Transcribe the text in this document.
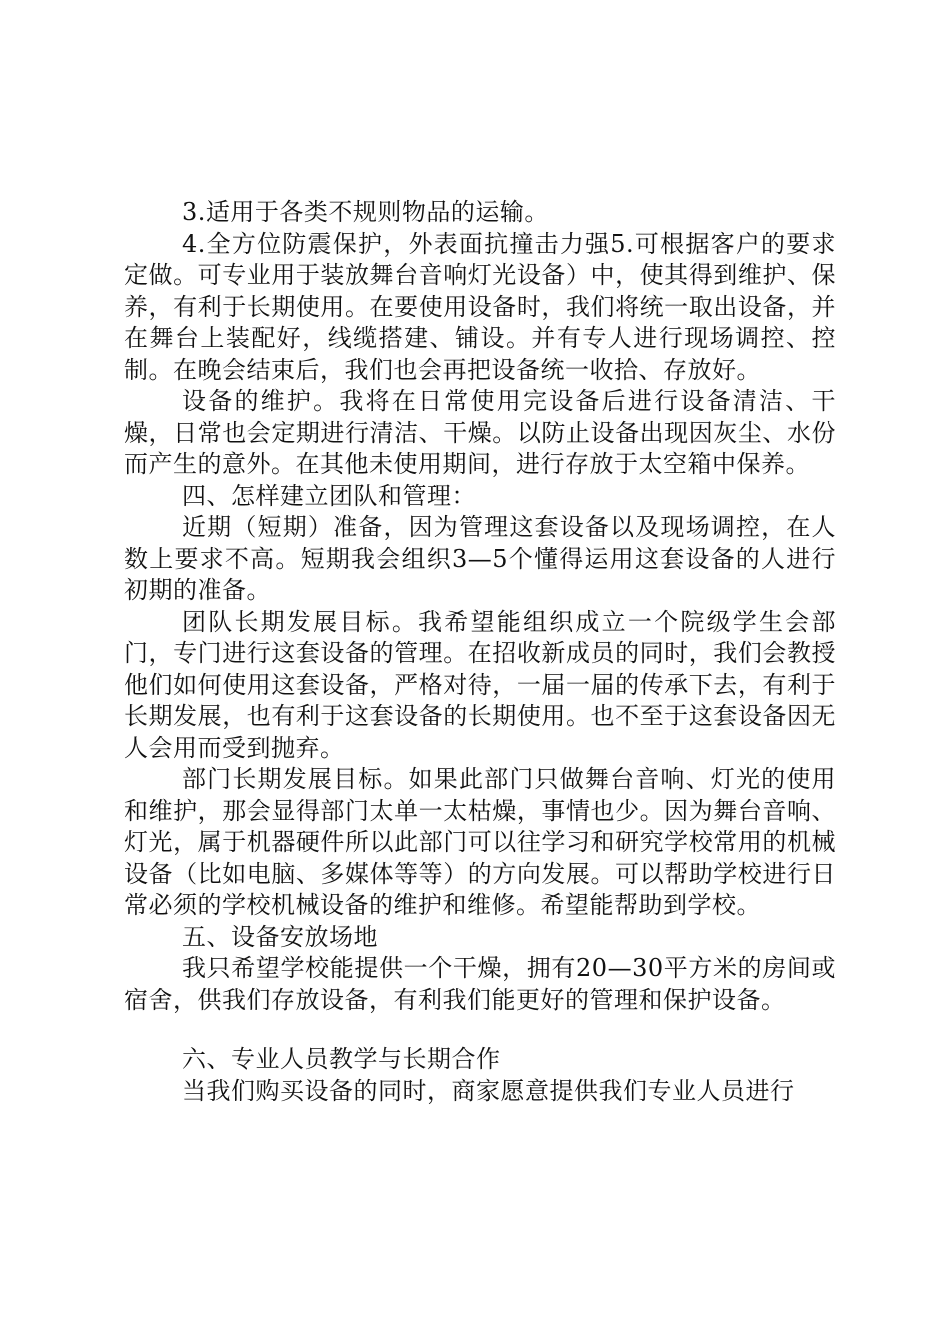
3.适用于各类不规则物品的运输。

4.全方位防震保护，外表面抗撞击力强5.可根据客户的要求定做。可专业用于装放舞台音响灯光设备）中，使其得到维护、保养，有利于长期使用。在要使用设备时，我们将统一取出设备，并在舞台上装配好，线缆搭建、铺设。并有专人进行现场调控、控制。在晚会结束后，我们也会再把设备统一收拾、存放好。

设备的维护。我将在日常使用完设备后进行设备清洁、干燥，日常也会定期进行清洁、干燥。以防止设备出现因灰尘、水份而产生的意外。在其他未使用期间，进行存放于太空箱中保养。

四、怎样建立团队和管理：

近期（短期）准备，因为管理这套设备以及现场调控，在人数上要求不高。短期我会组织3—5个懂得运用这套设备的人进行初期的准备。

团队长期发展目标。我希望能组织成立一个院级学生会部门，专门进行这套设备的管理。在招收新成员的同时，我们会教授他们如何使用这套设备，严格对待，一届一届的传承下去，有利于长期发展，也有利于这套设备的长期使用。也不至于这套设备因无人会用而受到抛弃。

部门长期发展目标。如果此部门只做舞台音响、灯光的使用和维护，那会显得部门太单一太枯燥，事情也少。因为舞台音响、灯光，属于机器硬件所以此部门可以往学习和研究学校常用的机械设备（比如电脑、多媒体等等）的方向发展。可以帮助学校进行日常必须的学校机械设备的维护和维修。希望能帮助到学校。

五、设备安放场地

我只希望学校能提供一个干燥，拥有20—30平方米的房间或宿舍，供我们存放设备，有利我们能更好的管理和保护设备。

六、专业人员教学与长期合作

当我们购买设备的同时，商家愿意提供我们专业人员进行
